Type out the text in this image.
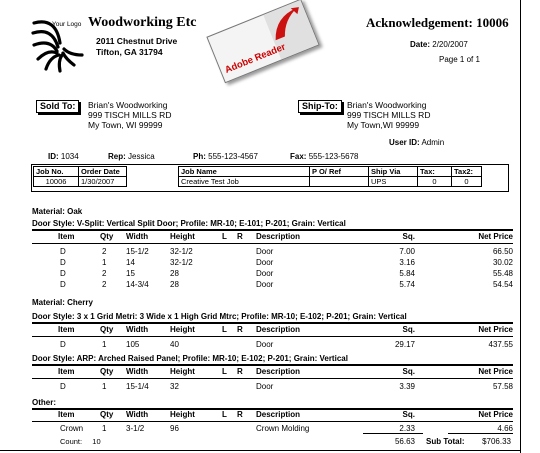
Your Logo Woodworking Etc
2011 Chestnut Drive
Tifton, GA 31794	Adobe Reader
Acknowledgement: 10006
Date: 2/20/2007
Page 1 of 1
Sold To:	Brian's Woodworking
999 TISCH MILLS RD
My Town, WI 99999
Ship-To:	Brian's Woodworking
999 TISCH MILLS RD
My Town,WI 99999
User ID: Admin
ID: 1034	Rep: Jessica	Ph: 555-123-4567	Fax: 555-123-5678
Job No.	Order Date		Job Name	P O/ Ref	Ship Via	Tax:	Tax2:
10006	1/30/2007		Creative Test Job		UPS	0	0
Material: Oak
Door Style: V-Split: Vertical Split Door; Profile: MR-10; E-101; P-201; Grain: Vertical
Item	Qty	Width	Height	L	R	Description	Sq.	Net Price
D	2	15-1/2	32-1/2	Door	7.00	66.50
D	1	14	32-1/2	Door	3.16	30.02
D	2	15	28	Door	5.84	55.48
D	2	14-3/4	28	Door	5.74	54.54
Material: Cherry
Door Style: 3 x 1 Grid Metri: 3 Wide x 1 High Grid Mtrc; Profile: MR-10; E-102; P-201; Grain: Vertical
Item	Qty	Width	Height	L	R	Description	Sq.	Net Price
D	1	105	40	Door	29.17	437.55
Door Style: ARP: Arched Raised Panel; Profile: MR-10; E-102; P-201; Grain: Vertical
Item	Qty	Width	Height	L	R	Description	Sq.	Net Price
D	1	15-1/4	32	Door	3.39	57.58
Other:
Item	Qty	Width	Height	L	R	Description	Sq.	Net Price
Crown	1	3-1/2	96	Crown Molding	2.33	4.66
Count: 10	56.63 Sub Total:	$706.33
